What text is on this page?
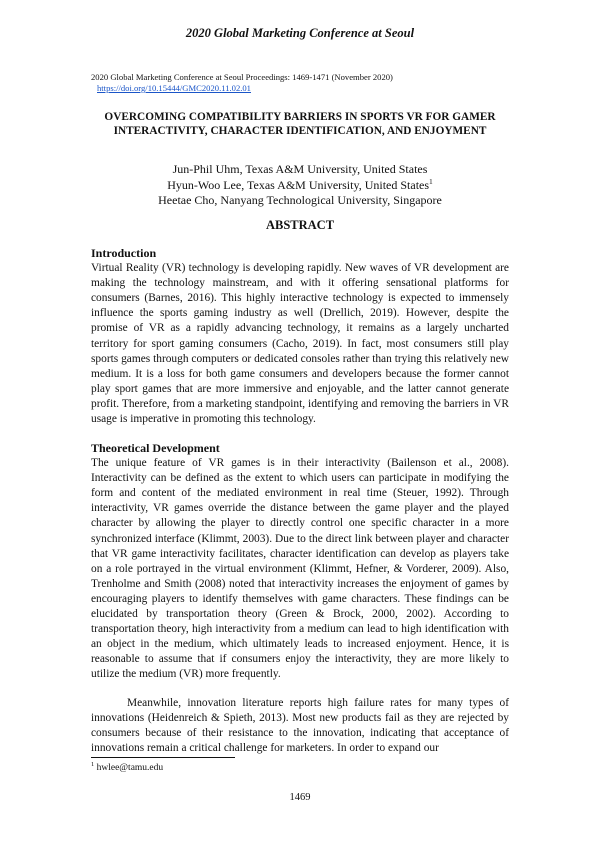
2020 Global Marketing Conference at Seoul
2020 Global Marketing Conference at Seoul Proceedings: 1469-1471 (November 2020)
https://doi.org/10.15444/GMC2020.11.02.01
OVERCOMING COMPATIBILITY BARRIERS IN SPORTS VR FOR GAMER INTERACTIVITY, CHARACTER IDENTIFICATION, AND ENJOYMENT
Jun-Phil Uhm, Texas A&M University, United States
Hyun-Woo Lee, Texas A&M University, United States$^1$
Heetae Cho, Nanyang Technological University, Singapore
ABSTRACT
Introduction

Virtual Reality (VR) technology is developing rapidly. New waves of VR development are making the technology mainstream, and with it offering sensational platforms for consumers (Barnes, 2016). This highly interactive technology is expected to immensely influence the sports gaming industry as well (Drellich, 2019). However, despite the promise of VR as a rapidly advancing technology, it remains as a largely uncharted territory for sport gaming consumers (Cacho, 2019). In fact, most consumers still play sports games through computers or dedicated consoles rather than trying this relatively new medium. It is a loss for both game consumers and developers because the former cannot play sport games that are more immersive and enjoyable, and the latter cannot generate profit. Therefore, from a marketing standpoint, identifying and removing the barriers in VR usage is imperative in promoting this technology.

Theoretical Development

The unique feature of VR games is in their interactivity (Bailenson et al., 2008). Interactivity can be defined as the extent to which users can participate in modifying the form and content of the mediated environment in real time (Steuer, 1992). Through interactivity, VR games override the distance between the game player and the played character by allowing the player to directly control one specific character in a more synchronized interface (Klimmt, 2003). Due to the direct link between player and character that VR game interactivity facilitates, character identification can develop as players take on a role portrayed in the virtual environment (Klimmt, Hefner, & Vorderer, 2009). Also, Trenholme and Smith (2008) noted that interactivity increases the enjoyment of games by encouraging players to identify themselves with game characters. These findings can be elucidated by transportation theory (Green & Brock, 2000, 2002). According to transportation theory, high interactivity from a medium can lead to high identification with an object in the medium, which ultimately leads to increased enjoyment. Hence, it is reasonable to assume that if consumers enjoy the interactivity, they are more likely to utilize the medium (VR) more frequently.

Meanwhile, innovation literature reports high failure rates for many types of innovations (Heidenreich & Spieth, 2013). Most new products fail as they are rejected by consumers because of their resistance to the innovation, indicating that acceptance of innovations remain a critical challenge for marketers. In order to expand our

$^1$ hwlee@tamu.edu
1469
